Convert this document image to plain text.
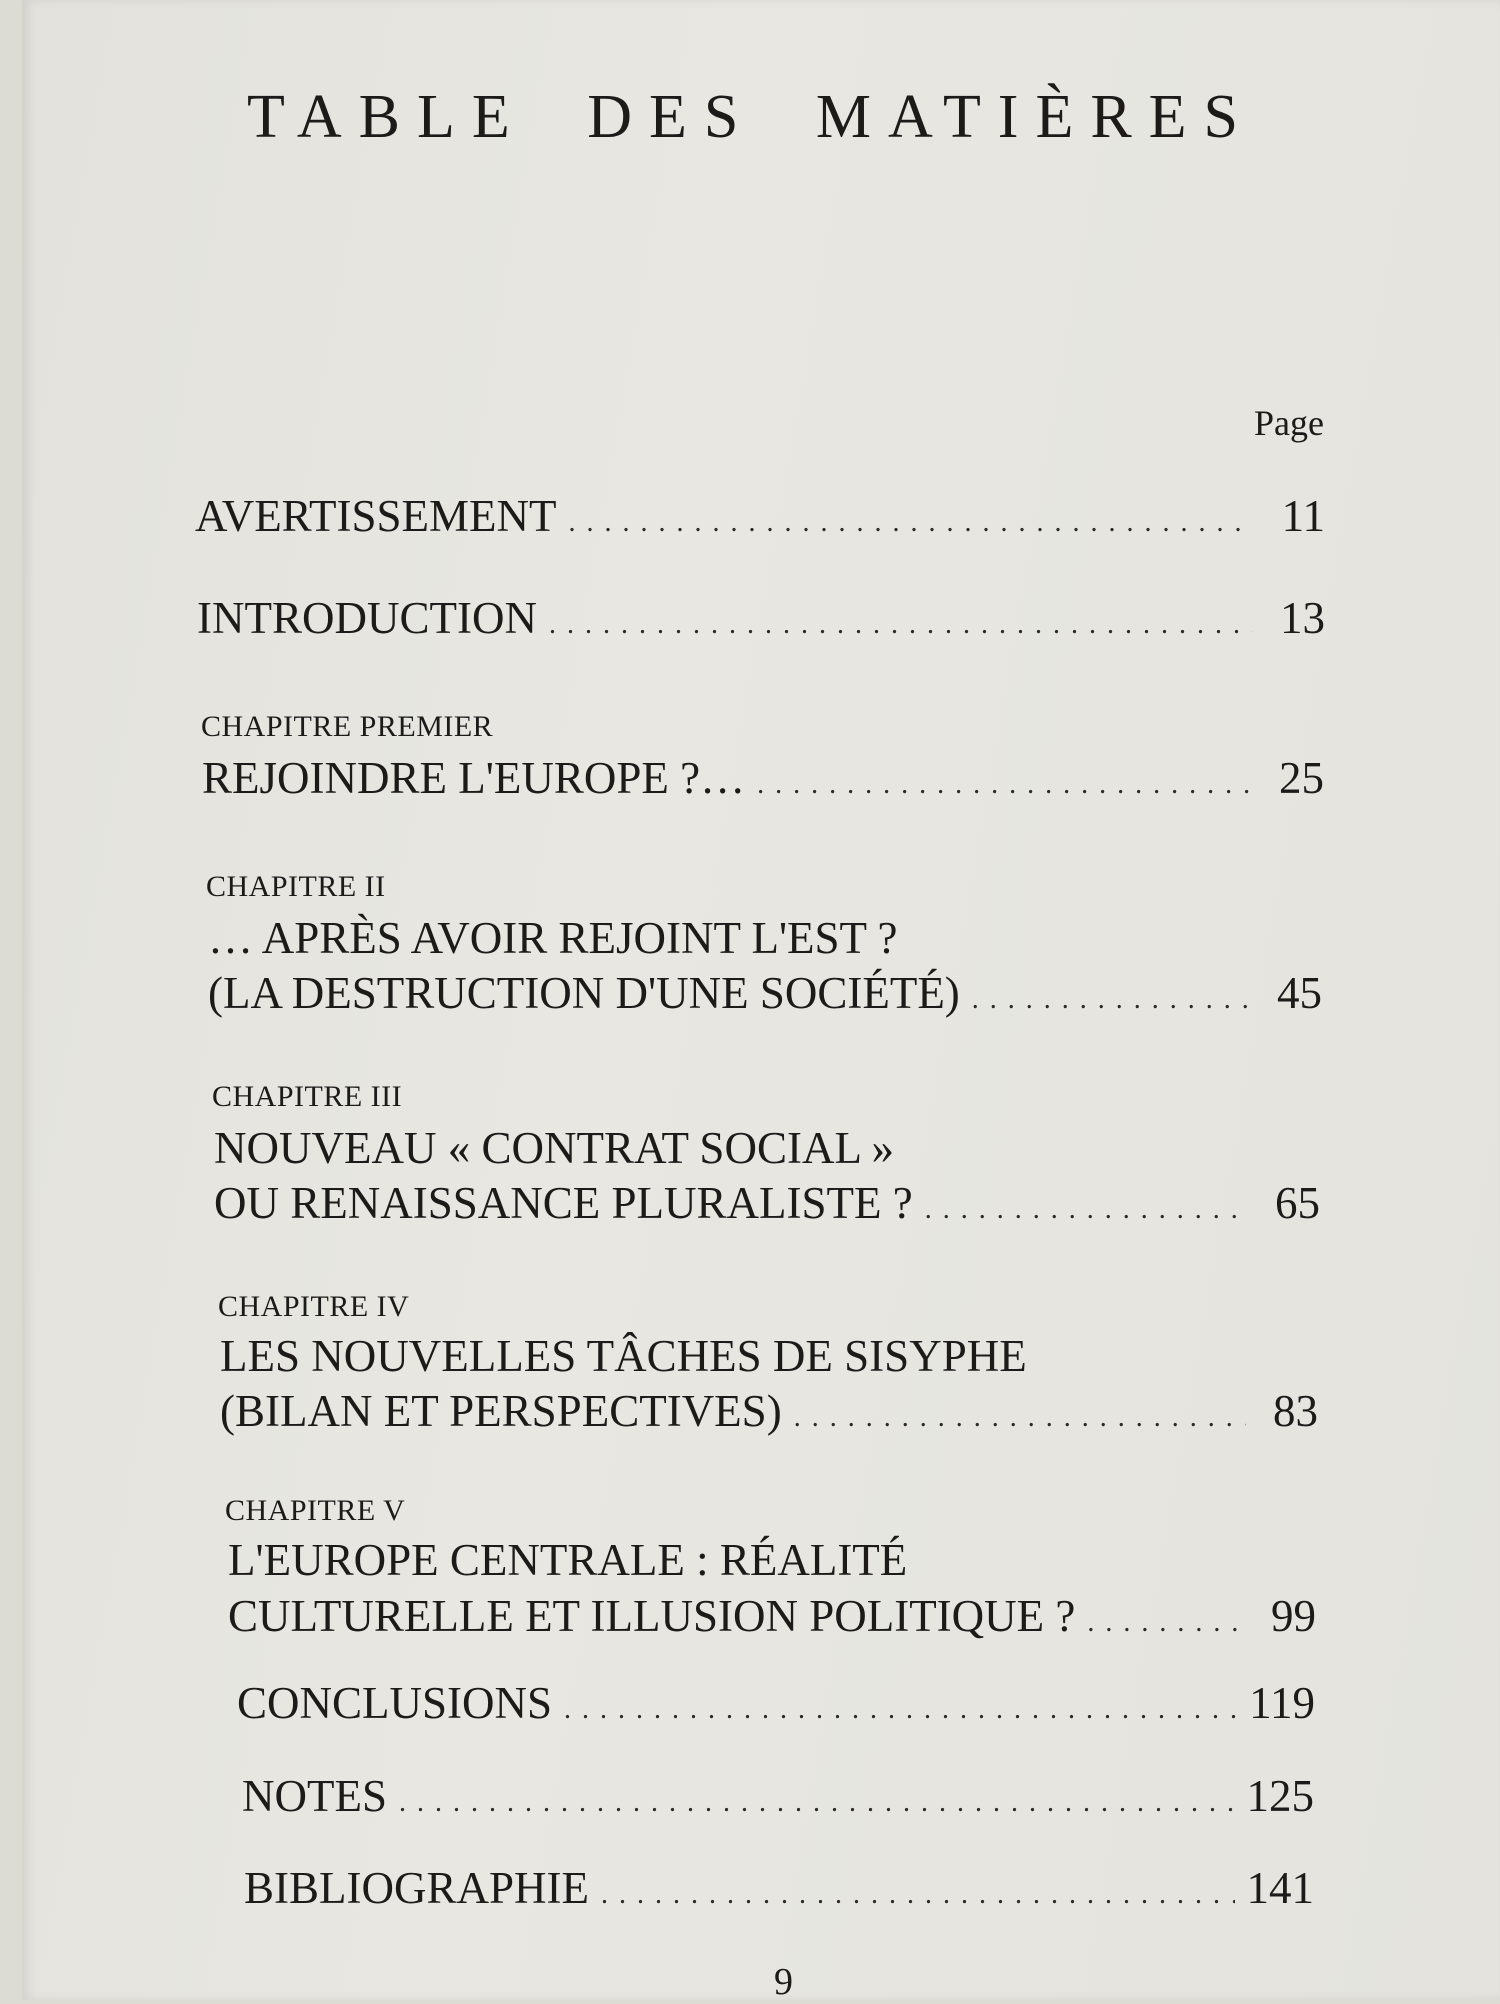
TABLE DES MATIÈRES
Page
AVERTISSEMENT . . .	11
INTRODUCTION . . .	13
CHAPITRE PREMIER
REJOINDRE L'EUROPE ?… . . .	25
CHAPITRE II
… APRÈS AVOIR REJOINT L'EST ?
(LA DESTRUCTION D'UNE SOCIÉTÉ) . . .	45
CHAPITRE III
NOUVEAU « CONTRAT SOCIAL »
OU RENAISSANCE PLURALISTE ? . . .	65
CHAPITRE IV
LES NOUVELLES TÂCHES DE SISYPHE
(BILAN ET PERSPECTIVES) . . .	83
CHAPITRE V
L'EUROPE CENTRALE : RÉALITÉ
CULTURELLE ET ILLUSION POLITIQUE ? . . .	99
CONCLUSIONS . . .	119
NOTES . . .	125
BIBLIOGRAPHIE . . .	141
9
